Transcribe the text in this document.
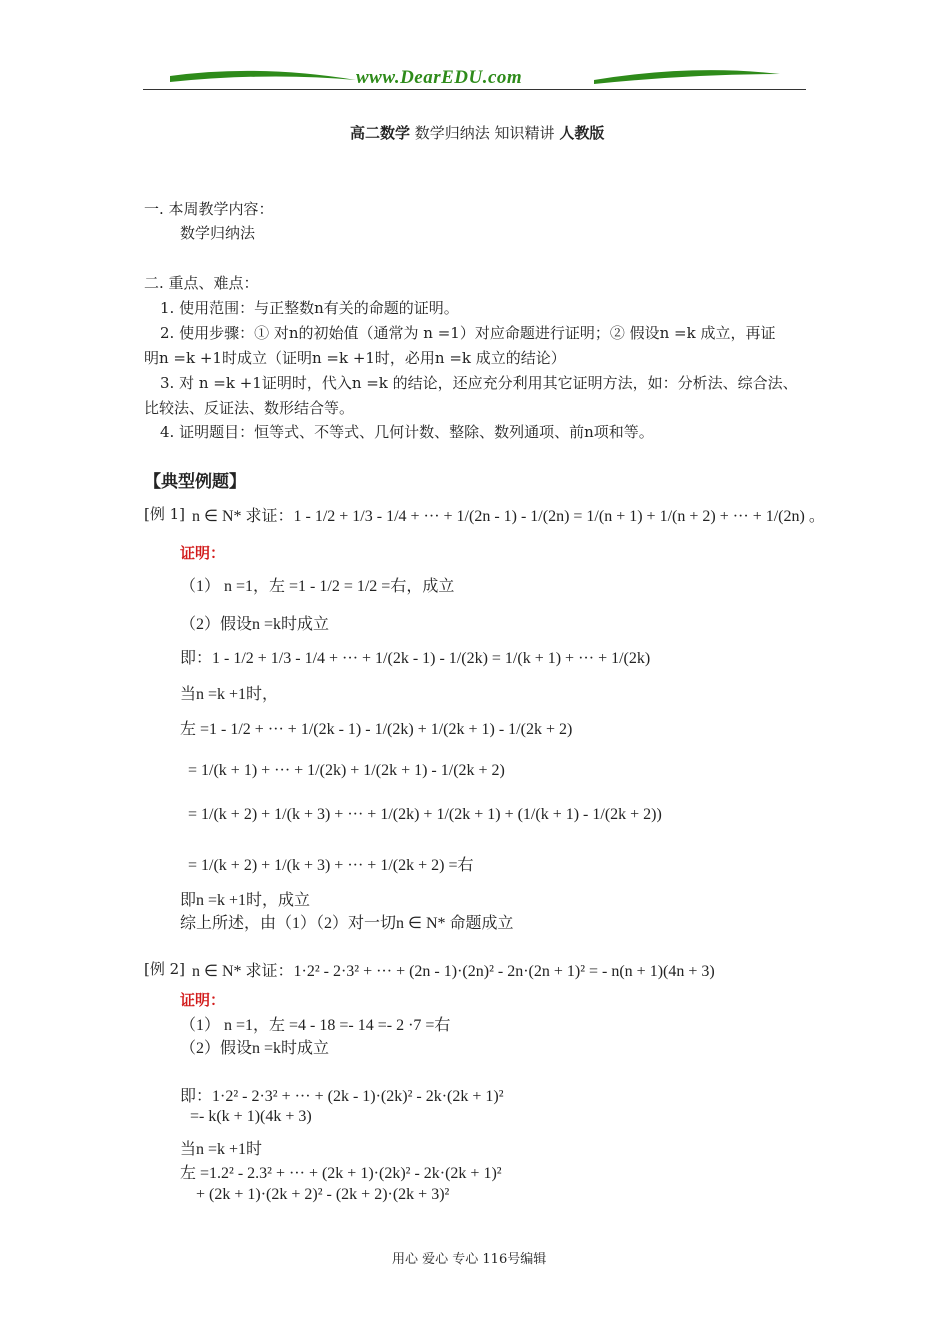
www.DearEDU.com
高二数学 数学归纳法 知识精讲 人教版
一. 本周教学内容：
数学归纳法
二. 重点、难点：
1. 使用范围：与正整数n有关的命题的证明。
2. 使用步骤：① 对n的初始值（通常为 n =1）对应命题进行证明；② 假设n =k 成立，再证
明n =k +1时成立（证明n =k +1时，必用n =k 成立的结论）
3. 对 n =k +1证明时，代入n =k 的结论，还应充分利用其它证明方法，如：分析法、综合法、
比较法、反证法、数形结合等。
4. 证明题目：恒等式、不等式、几何计数、整除、数列通项、前n项和等。
【典型例题】
[例 1] n ∈ N* 求证：1 - 1/2 + 1/3 - 1/4 + ··· + 1/(2n - 1) - 1/(2n) = 1/(n + 1) + 1/(n + 2) + ··· + 1/(2n) 。
证明：
（1） n =1，左 =1 - 1/2 = 1/2 =右，成立
（2）假设n =k时成立
即：1 - 1/2 + 1/3 - 1/4 + ··· + 1/(2k - 1) - 1/(2k) = 1/(k + 1) + ··· + 1/(2k)
当n =k +1时，
左 =1 - 1/2 + ··· + 1/(2k - 1) - 1/(2k) + 1/(2k + 1) - 1/(2k + 2)
= 1/(k + 1) + ··· + 1/(2k) + 1/(2k + 1) - 1/(2k + 2)
= 1/(k + 2) + 1/(k + 3) + ··· + 1/(2k) + 1/(2k + 1) + (1/(k + 1) - 1/(2k + 2))
= 1/(k + 2) + 1/(k + 3) + ··· + 1/(2k + 2) =右
即n =k +1时，成立
综上所述，由（1）（2）对一切n ∈ N* 命题成立
[例 2] n ∈ N* 求证：1·2² - 2·3² + ··· + (2n - 1)·(2n)² - 2n·(2n + 1)² = - n(n + 1)(4n + 3)
证明：
（1） n =1，左 =4 - 18 =- 14 =- 2 ·7 =右
（2）假设n =k时成立
即：1·2² - 2·3² + ··· + (2k - 1)·(2k)² - 2k·(2k + 1)²
=- k(k + 1)(4k + 3)
当n =k +1时
左 =1.2² - 2.3² + ··· + (2k + 1)·(2k)² - 2k·(2k + 1)²
+ (2k + 1)·(2k + 2)² - (2k + 2)·(2k + 3)²
用心 爱心 专心 116号编辑
